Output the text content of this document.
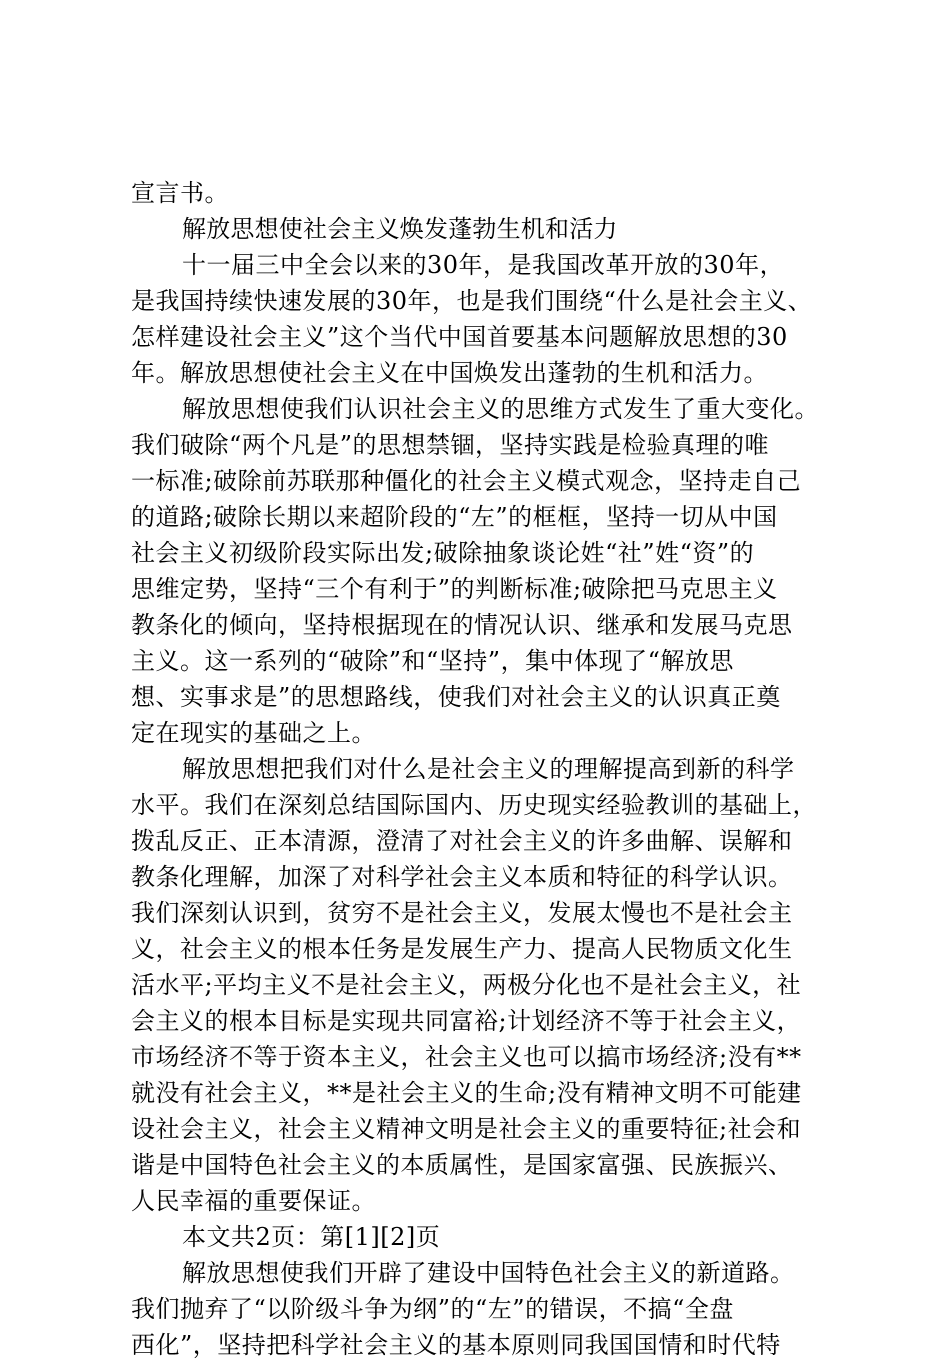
宣言书。
解放思想使社会主义焕发蓬勃生机和活力
十一届三中全会以来的30年，是我国改革开放的30年，
是我国持续快速发展的30年，也是我们围绕“什么是社会主义、
怎样建设社会主义”这个当代中国首要基本问题解放思想的30
年。解放思想使社会主义在中国焕发出蓬勃的生机和活力。
解放思想使我们认识社会主义的思维方式发生了重大变化。
我们破除“两个凡是”的思想禁锢，坚持实践是检验真理的唯
一标准;破除前苏联那种僵化的社会主义模式观念，坚持走自己
的道路;破除长期以来超阶段的“左”的框框，坚持一切从中国
社会主义初级阶段实际出发;破除抽象谈论姓“社”姓“资”的
思维定势，坚持“三个有利于”的判断标准;破除把马克思主义
教条化的倾向，坚持根据现在的情况认识、继承和发展马克思
主义。这一系列的“破除”和“坚持”，集中体现了“解放思
想、实事求是”的思想路线，使我们对社会主义的认识真正奠
定在现实的基础之上。
解放思想把我们对什么是社会主义的理解提高到新的科学
水平。我们在深刻总结国际国内、历史现实经验教训的基础上，
拨乱反正、正本清源，澄清了对社会主义的许多曲解、误解和
教条化理解，加深了对科学社会主义本质和特征的科学认识。
我们深刻认识到，贫穷不是社会主义，发展太慢也不是社会主
义，社会主义的根本任务是发展生产力、提高人民物质文化生
活水平;平均主义不是社会主义，两极分化也不是社会主义，社
会主义的根本目标是实现共同富裕;计划经济不等于社会主义，
市场经济不等于资本主义，社会主义也可以搞市场经济;没有**
就没有社会主义，**是社会主义的生命;没有精神文明不可能建
设社会主义，社会主义精神文明是社会主义的重要特征;社会和
谐是中国特色社会主义的本质属性，是国家富强、民族振兴、
人民幸福的重要保证。
本文共2页：第[1][2]页
解放思想使我们开辟了建设中国特色社会主义的新道路。
我们抛弃了“以阶级斗争为纲”的“左”的错误，不搞“全盘
西化”，坚持把科学社会主义的基本原则同我国国情和时代特
